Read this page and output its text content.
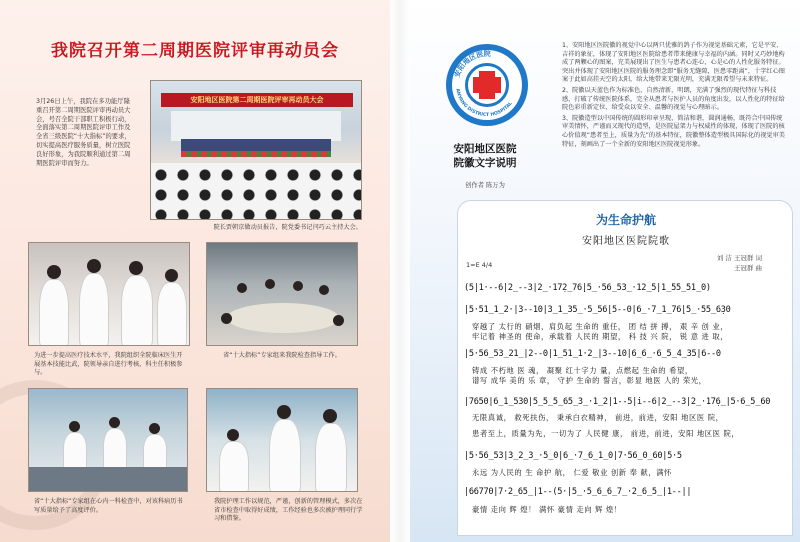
我院召开第二周期医院评审再动员会
3月26日上午，我院在多功能厅隆重召开第二周期医院评审再动员大会，号召全院干部职工积极行动，全面落实第二周期医院评审工作及全省三级医院“十大指标”的要求，切实提高医疗服务质量，树立医院良好形象，为我院顺利通过第二周期医院评审而努力。
安阳地区医院第二周期医院评审再动员大会
院长贾朝京做动员报告，院党委书记闫巧云主持大会。
为进一步提高医疗技术水平，我院组织全院临床医生开展基本技能比武，院领导亲自进行考核，科主任积极参与。
省“十大指标”专家组来我院检查指导工作。
省“十大指标”专家组在心内一科检查中，对该科病历书写质量给予了高度评价。
我院护理工作以规范，严谨，创新的管理模式，多次在省市检查中取得好成绩，工作经验也多次被护理同行学习和借鉴。
安阳地区医院
ANYANG DISTRICT HOSPITAL
安阳地区医院
院徽文字说明
创作者 陈万为

1、安阳地区医院徽的视觉中心以两只优雅的鸽子作为视觉基础元素，它是平安、吉祥的象征，体现了安阳地区医院给患者带来健康与幸福的内涵。同时又巧妙地构成了两颗心的图案，充美展现出了医生与患者心连心，心是心的人性化服务特征。突出并体现了安阳地区医院的服务理念即“服务无缝隙，医患零距离”，十字红心图案于此如高挂天空的太阳，给大地带来无限光明，充满无限希望与未来特征。

2、院徽以天蓝色作为标准色，自然清新，明朗，充满了强烈的现代特征与科技感，打破了传统医院体系，完全从患者与医护人员的角度出发，以人性化的特征给院色彩重新定位，给受众以安全、温馨的视觉与心理暗示。

3、院徽造型以中国传统的圆形印章呈现，简洁和谐，圆润通畅，既符合中国传统审美情怀，严谨而又现代的造型，是医院屋架力与权威性的体现，体现了医院的核心价值观“患者至上，质量为先”的基本特征，院徽整体造型极具国际化的视觉审美特征，刻画出了一个全新的安阳地区医院视觉形象。

为生命护航
安阳地区医院院歌
刘 洁 王冠群 词
王冠群 曲
1=E 4/4
(5̣|1·--6|2̲--3|2̲·17̣2̲76̣|5̲·56̲53̲·12̲5|1̲55̲51̲0)
|5·51̲1̲2·|3--10|3̲1̲35̲·5̲56̣|5--0|6̲·7̲1̲76̣|5̲·55̲6̣30
穿越了 太行的 硝烟，肩负起 生命的 重任， 团 结 拼 搏， 艰 辛 创 业，
牢记着 神圣的 使命，承载着 人民的 期望， 科 技 兴 院， 锐 意 进 取，
|5·56̲53̲21̲|2--0|1̲51̲1·2̲|3--10|6̲6̲·6̲5̲4̲35|6--0
铸成 不朽地 医 魂， 凝聚 红十字力 量，点燃起 生命的 希望，
谱写 成华 美的 乐 章， 守护 生命的 誓言，彰显 地医 人的 荣光，
|7650|6̲1̲530|5̲5̲5̲65̲3̲·1̲2|1--5|i--6|2̲--3|2̲·17̣6̲|5·6̲5̲60
无限真诚， 救死扶伤， 秉承白衣精神， 前进，前进，安阳 地区医 院，
患者至上，质量为先，一切为了 人民健 康， 前进，前进，安阳 地区医 院，
|5·56̲53|3̲2̲3̲·5̲0|6̲·7̲6̲1̲0|7·56̲0̲60|5·5
永远 为人民的 生 命护 航， 仁爱 敬业 创新 奉 献，满怀
|66770|7·2̲65̲|1--(5·|5̲·5̲6̲6̲7̲·2̲6̲5̲|1--||
豪情 走向 辉 煌！ 满怀 豪情 走向 辉 煌！
